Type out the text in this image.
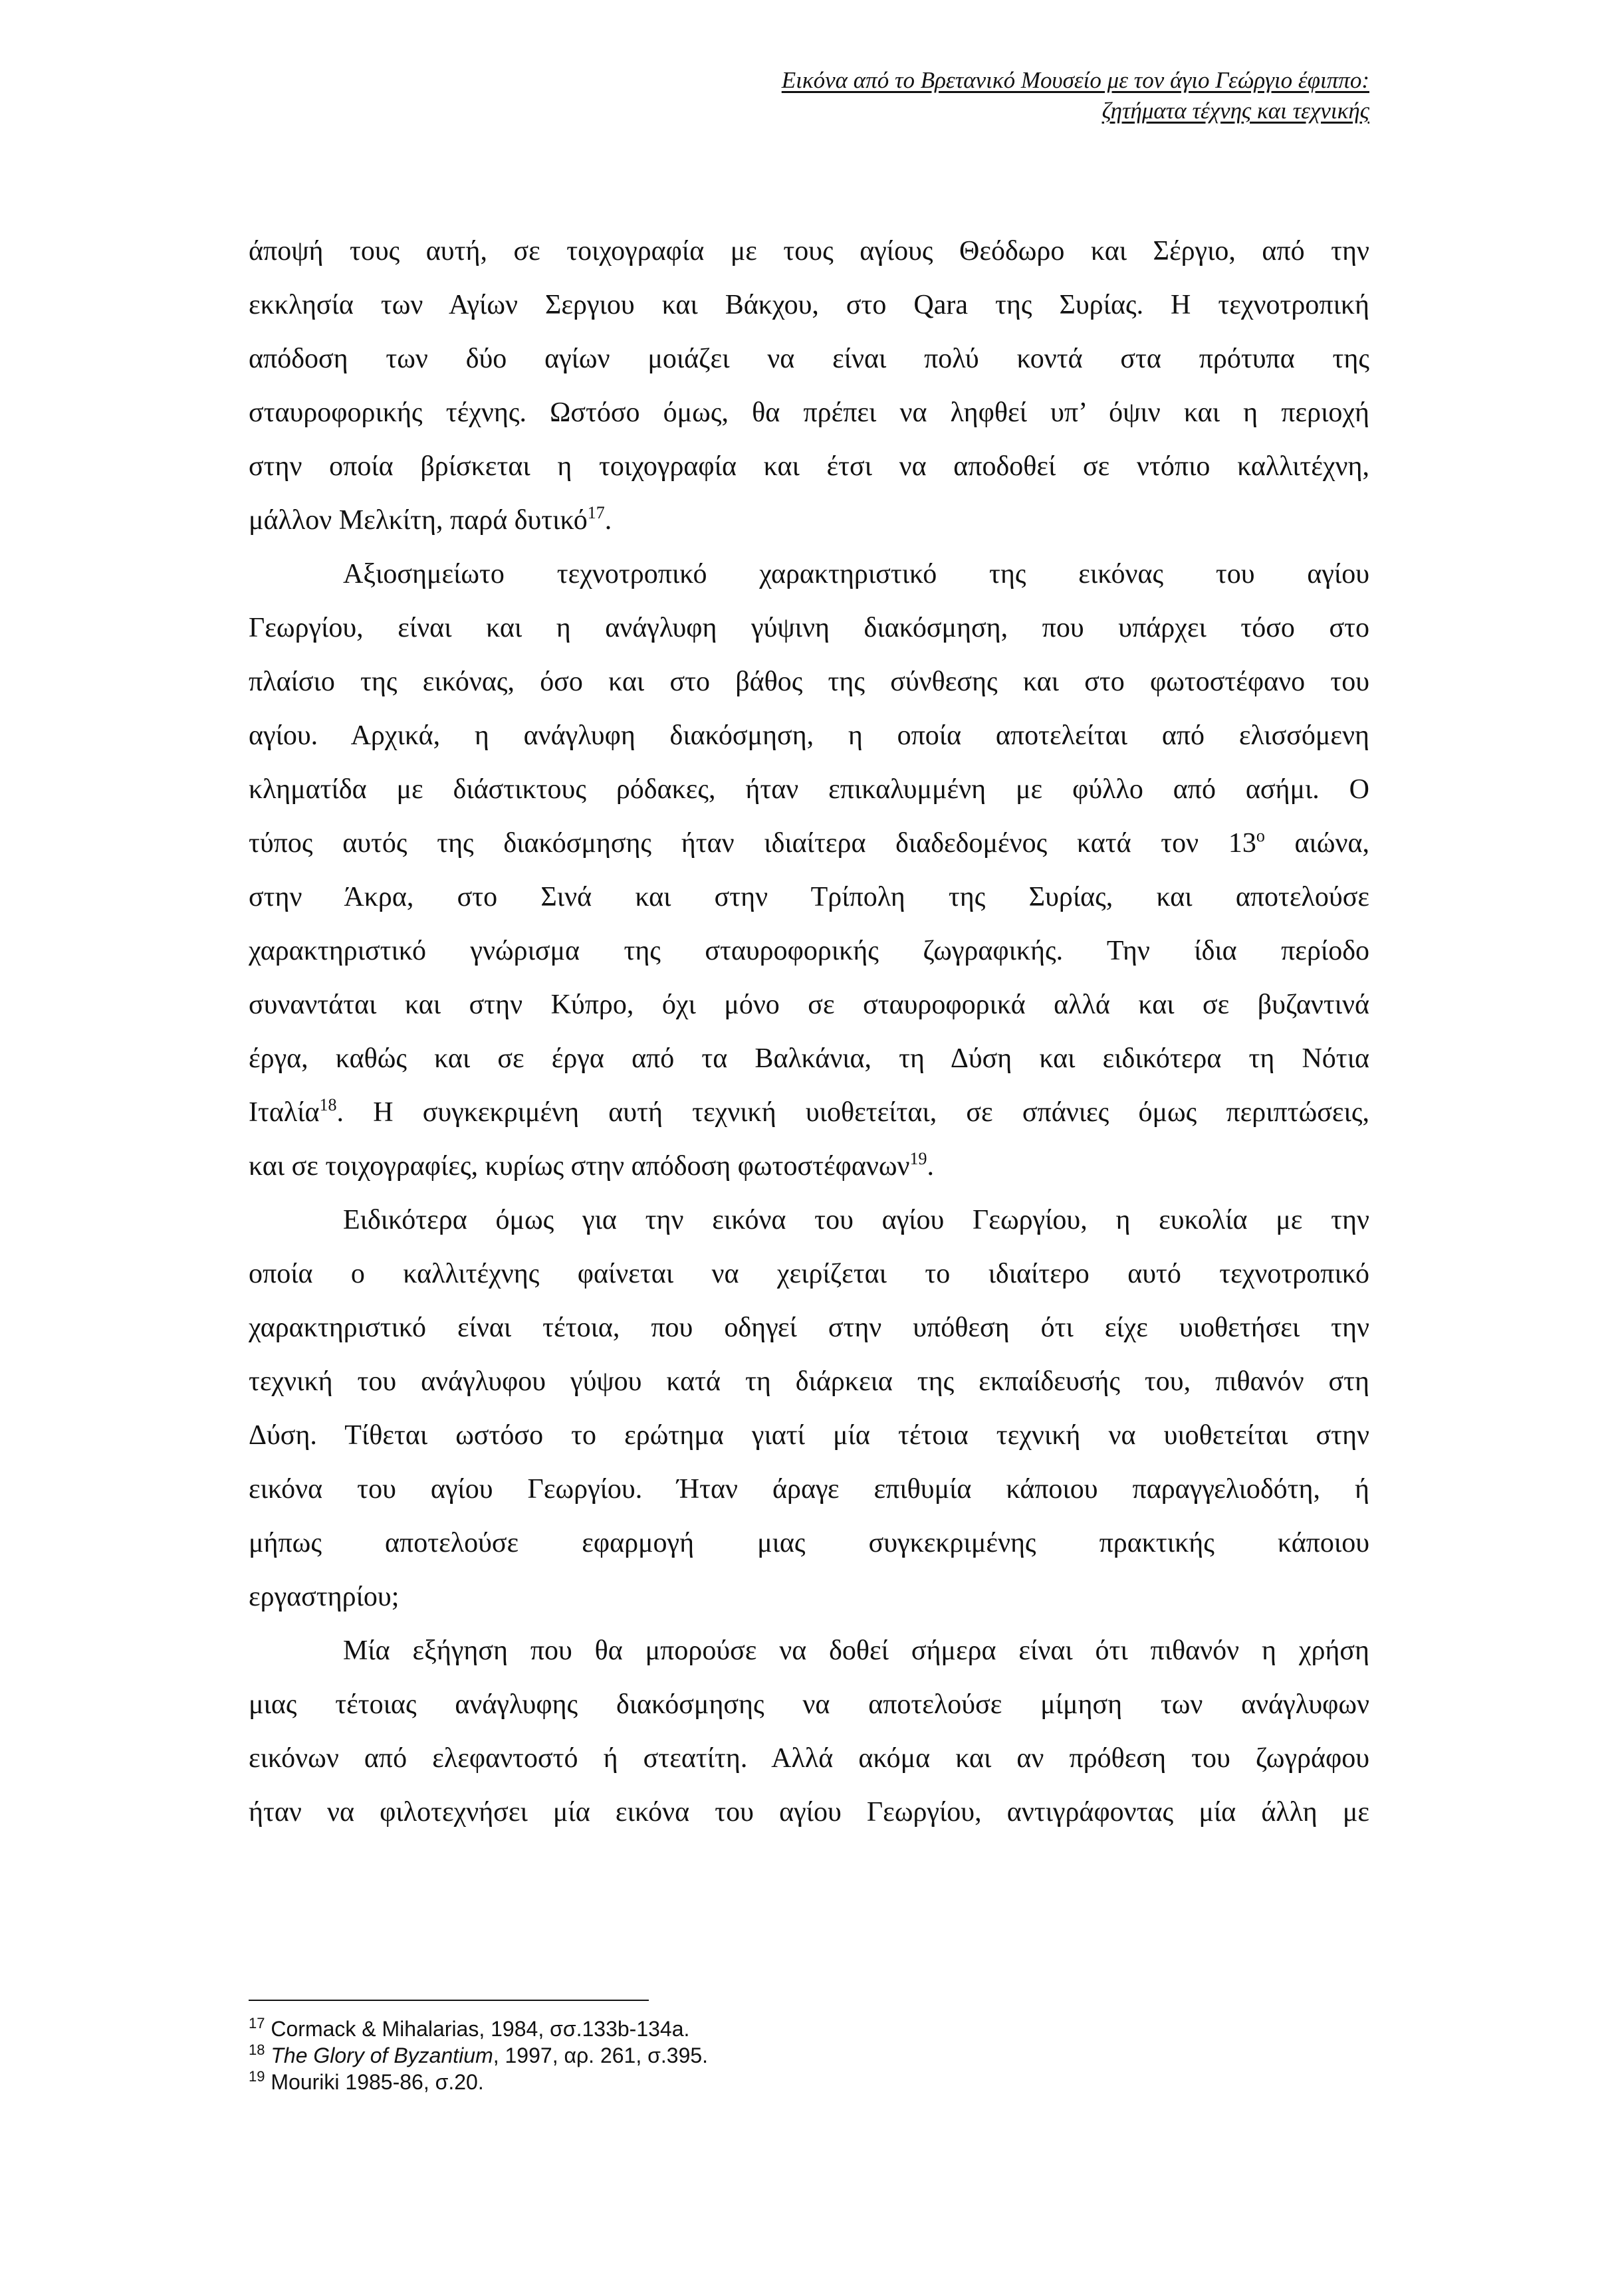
Εικόνα από το Βρετανικό Μουσείο με τον άγιο Γεώργιο έφιππο:
ζητήματα τέχνης και τεχνικής

άποψή τους αυτή, σε τοιχογραφία με τους αγίους Θεόδωρο και Σέργιο, από την
εκκλησία των Αγίων Σεργιου και Βάκχου, στο Qara της Συρίας. Η τεχνοτροπική
απόδοση των δύο αγίων μοιάζει να είναι πολύ κοντά στα πρότυπα της
σταυροφορικής τέχνης. Ωστόσο όμως, θα πρέπει να ληφθεί υπ’ όψιν και η περιοχή
στην οποία βρίσκεται η τοιχογραφία και έτσι να αποδοθεί σε ντόπιο καλλιτέχνη,
μάλλον Μελκίτη, παρά δυτικό$^{17}$.

Αξιοσημείωτο τεχνοτροπικό χαρακτηριστικό της εικόνας του αγίου
Γεωργίου, είναι και η ανάγλυφη γύψινη διακόσμηση, που υπάρχει τόσο στο
πλαίσιο της εικόνας, όσο και στο βάθος της σύνθεσης και στο φωτοστέφανο του
αγίου. Αρχικά, η ανάγλυφη διακόσμηση, η οποία αποτελείται από ελισσόμενη
κληματίδα με διάστικτους ρόδακες, ήταν επικαλυμμένη με φύλλο από ασήμι. Ο
τύπος αυτός της διακόσμησης ήταν ιδιαίτερα διαδεδομένος κατά τον $13^o$ αιώνα,
στην Άκρα, στο Σινά και στην Τρίπολη της Συρίας, και αποτελούσε
χαρακτηριστικό γνώρισμα της σταυροφορικής ζωγραφικής. Την ίδια περίοδο
συναντάται και στην Κύπρο, όχι μόνο σε σταυροφορικά αλλά και σε βυζαντινά
έργα, καθώς και σε έργα από τα Βαλκάνια, τη Δύση και ειδικότερα τη Νότια
Ιταλία$^{18}$. Η συγκεκριμένη αυτή τεχνική υιοθετείται, σε σπάνιες όμως περιπτώσεις,
και σε τοιχογραφίες, κυρίως στην απόδοση φωτοστέφανων$^{19}$.

Ειδικότερα όμως για την εικόνα του αγίου Γεωργίου, η ευκολία με την
οποία ο καλλιτέχνης φαίνεται να χειρίζεται το ιδιαίτερο αυτό τεχνοτροπικό
χαρακτηριστικό είναι τέτοια, που οδηγεί στην υπόθεση ότι είχε υιοθετήσει την
τεχνική του ανάγλυφου γύψου κατά τη διάρκεια της εκπαίδευσής του, πιθανόν στη
Δύση. Τίθεται ωστόσο το ερώτημα γιατί μία τέτοια τεχνική να υιοθετείται στην
εικόνα του αγίου Γεωργίου. Ήταν άραγε επιθυμία κάποιου παραγγελιοδότη, ή
μήπως αποτελούσε εφαρμογή μιας συγκεκριμένης πρακτικής κάποιου
εργαστηρίου;

Μία εξήγηση που θα μπορούσε να δοθεί σήμερα είναι ότι πιθανόν η χρήση
μιας τέτοιας ανάγλυφης διακόσμησης να αποτελούσε μίμηση των ανάγλυφων
εικόνων από ελεφαντοστό ή στεατίτη. Αλλά ακόμα και αν πρόθεση του ζωγράφου
ήταν να φιλοτεχνήσει μία εικόνα του αγίου Γεωργίου, αντιγράφοντας μία άλλη με

$^{17}$ Cormack & Mihalarias, 1984, σσ.133b-134a.
$^{18}$ The Glory of Byzantium, 1997, αρ. 261, σ.395.
$^{19}$ Mouriki 1985-86, σ.20.
